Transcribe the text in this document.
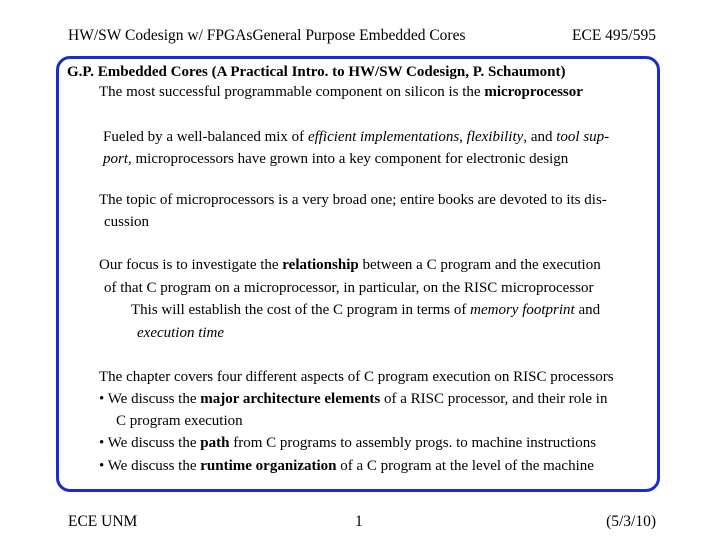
HW/SW Codesign w/ FPGAsGeneral Purpose Embedded Cores	ECE 495/595
G.P. Embedded Cores (A Practical Intro. to HW/SW Codesign, P. Schaumont)
The most successful programmable component on silicon is the microprocessor
Fueled by a well-balanced mix of efficient implementations, flexibility, and tool sup-
port, microprocessors have grown into a key component for electronic design
The topic of microprocessors is a very broad one; entire books are devoted to its dis-
cussion
Our focus is to investigate the relationship between a C program and the execution
of that C program on a microprocessor, in particular, on the RISC microprocessor
This will establish the cost of the C program in terms of memory footprint and
execution time
The chapter covers four different aspects of C program execution on RISC processors
• We discuss the major architecture elements of a RISC processor, and their role in
C program execution
• We discuss the path from C programs to assembly progs. to machine instructions
• We discuss the runtime organization of a C program at the level of the machine
ECE UNM	1	(5/3/10)
